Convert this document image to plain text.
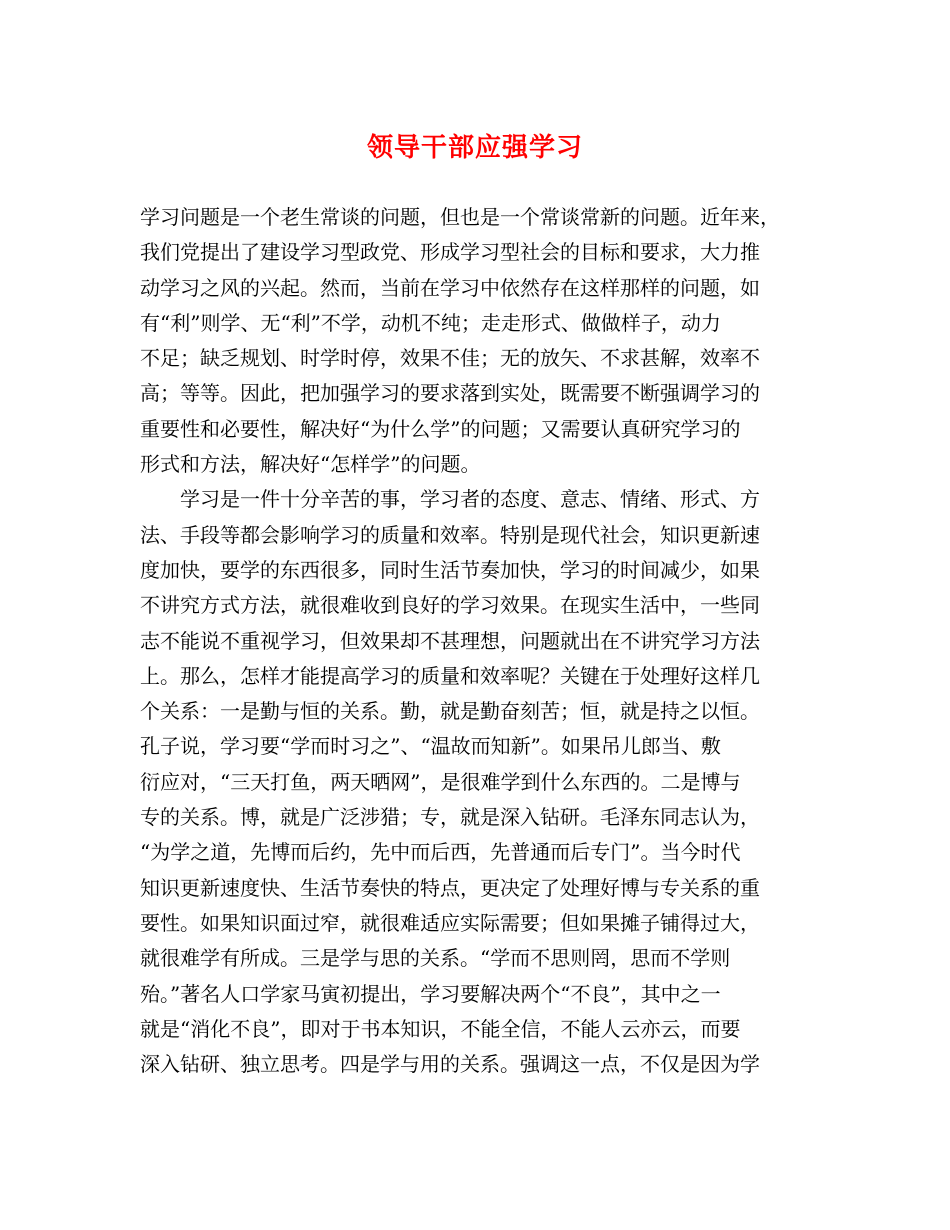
领导干部应强学习
学习问题是一个老生常谈的问题，但也是一个常谈常新的问题。近年来，
我们党提出了建设学习型政党、形成学习型社会的目标和要求，大力推
动学习之风的兴起。然而，当前在学习中依然存在这样那样的问题，如
有“利”则学、无“利”不学，动机不纯；走走形式、做做样子，动力
不足；缺乏规划、时学时停，效果不佳；无的放矢、不求甚解，效率不
高；等等。因此，把加强学习的要求落到实处，既需要不断强调学习的
重要性和必要性，解决好“为什么学”的问题；又需要认真研究学习的
形式和方法，解决好“怎样学”的问题。
　　学习是一件十分辛苦的事，学习者的态度、意志、情绪、形式、方
法、手段等都会影响学习的质量和效率。特别是现代社会，知识更新速
度加快，要学的东西很多，同时生活节奏加快，学习的时间减少，如果
不讲究方式方法，就很难收到良好的学习效果。在现实生活中，一些同
志不能说不重视学习，但效果却不甚理想，问题就出在不讲究学习方法
上。那么，怎样才能提高学习的质量和效率呢？关键在于处理好这样几
个关系：一是勤与恒的关系。勤，就是勤奋刻苦；恒，就是持之以恒。
孔子说，学习要“学而时习之”、“温故而知新”。如果吊儿郎当、敷
衍应对，“三天打鱼，两天晒网”，是很难学到什么东西的。二是博与
专的关系。博，就是广泛涉猎；专，就是深入钻研。毛泽东同志认为，
“为学之道，先博而后约，先中而后西，先普通而后专门”。当今时代
知识更新速度快、生活节奏快的特点，更决定了处理好博与专关系的重
要性。如果知识面过窄，就很难适应实际需要；但如果摊子铺得过大，
就很难学有所成。三是学与思的关系。“学而不思则罔，思而不学则
殆。”著名人口学家马寅初提出，学习要解决两个“不良”，其中之一
就是“消化不良”，即对于书本知识，不能全信，不能人云亦云，而要
深入钻研、独立思考。四是学与用的关系。强调这一点，不仅是因为学
